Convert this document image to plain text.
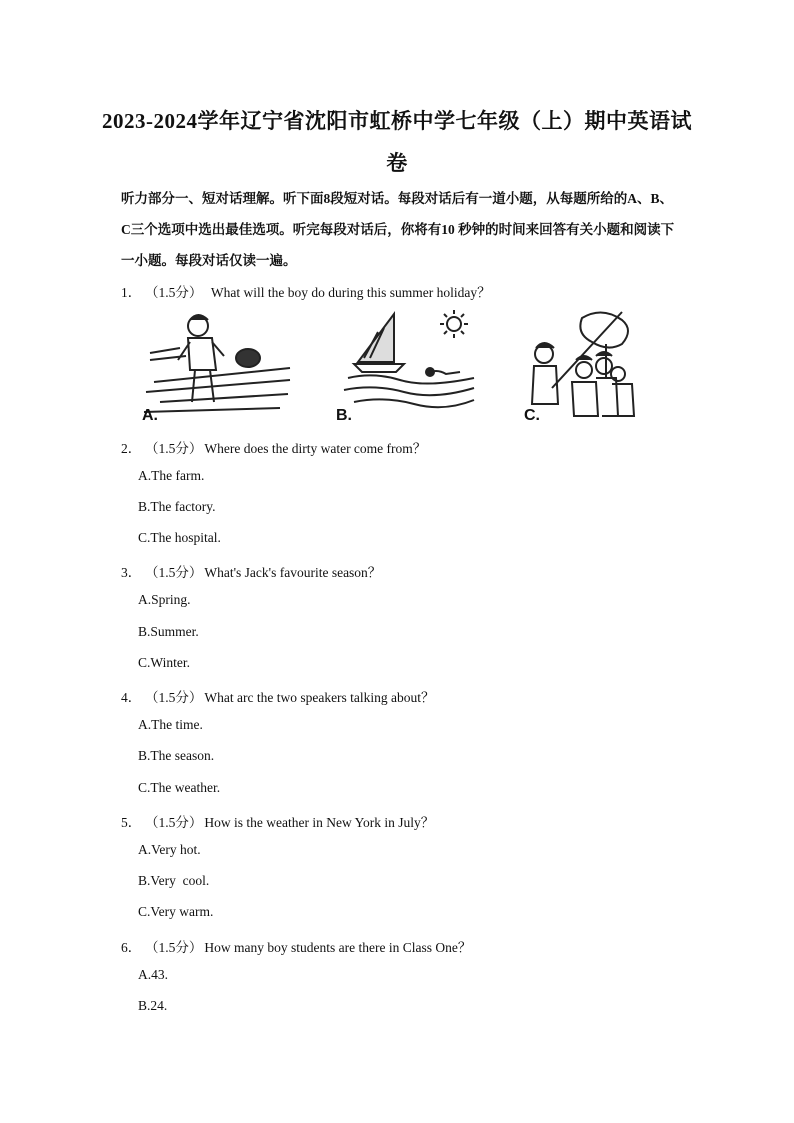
2023-2024学年辽宁省沈阳市虹桥中学七年级（上）期中英语试卷
听力部分一、短对话理解。听下面8段短对话。每段对话后有一道小题，从每题所给的A、B、C三个选项中选出最佳选项。听完每段对话后，你将有10 秒钟的时间来回答有关小题和阅读下一小题。每段对话仅读一遍。
1． （1.5分）  What will the boy do during this summer holiday？
A.	B.	C.
2． （1.5分） Where does the dirty water come from？
A.The farm.
B.The factory.
C.The hospital.
3． （1.5分） What's Jack's favourite season？
A.Spring.
B.Summer.
C.Winter.
4． （1.5分） What arc the two speakers talking about？
A.The time.
B.The season.
C.The weather.
5． （1.5分） How is the weather in New York in July？
A.Very hot.
B.Very  cool.
C.Very warm.
6． （1.5分） How many boy students are there in Class One？
A.43.
B.24.
